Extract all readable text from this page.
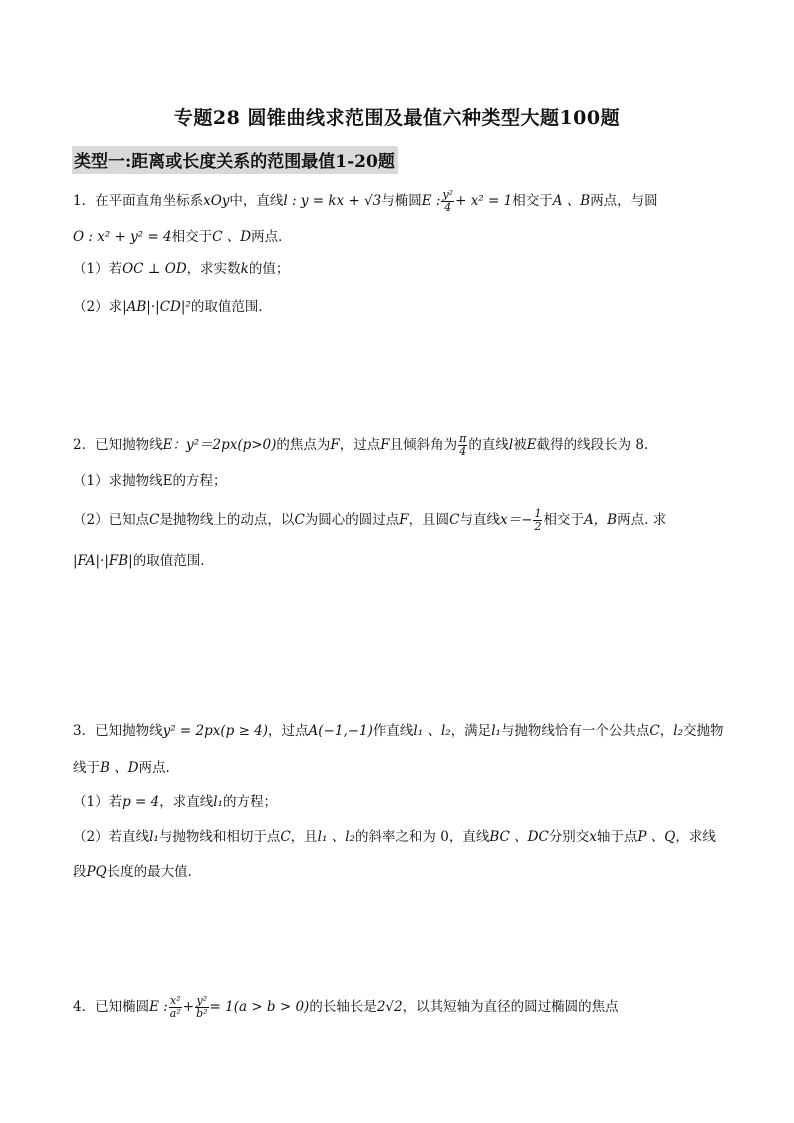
专题28 圆锥曲线求范围及最值六种类型大题100题
类型一:距离或长度关系的范围最值1-20题
1．在平面直角坐标系xOy中，直线l : y = kx + √3与椭圆E : $\frac{\text{y²}}{4} + x^2 = 1$相交于A 、B两点，与圆
O : x² + y² = 4相交于C 、D两点．
（1）若OC ⊥ OD，求实数k的值；
（2）求|AB|·|CD|²的取值范围．
2．已知抛物线E：y²＝2px(p>0)的焦点为F，过点F且倾斜角为 $\frac{\pi}{4}$ 的直线l被E截得的线段长为 8.
（1）求抛物线E的方程；
（2）已知点C是抛物线上的动点，以C为圆心的圆过点F，且圆C与直线$x=- \frac{1}{2}$ 相交于A，B两点. 求
|FA|·|FB|的取值范围．
3．已知抛物线y² = 2px(p ≥ 4)，过点A(−1,−1)作直线l₁ 、l₂，满足l₁与抛物线恰有一个公共点C，l₂交抛物
线于B 、D两点.
（1）若p = 4，求直线l₁的方程；
（2）若直线l₁与抛物线和相切于点C，且l₁ 、l₂的斜率之和为 0，直线BC 、DC分别交x轴于点P 、Q，求线
段PQ长度的最大值.
4．已知椭圆E : $\frac{\text{x²}}{\text{a²}} + \frac{\text{y²}}{\text{b²}} = 1(a > b > 0)$的长轴长是2√2，以其短轴为直径的圆过椭圆的焦点
